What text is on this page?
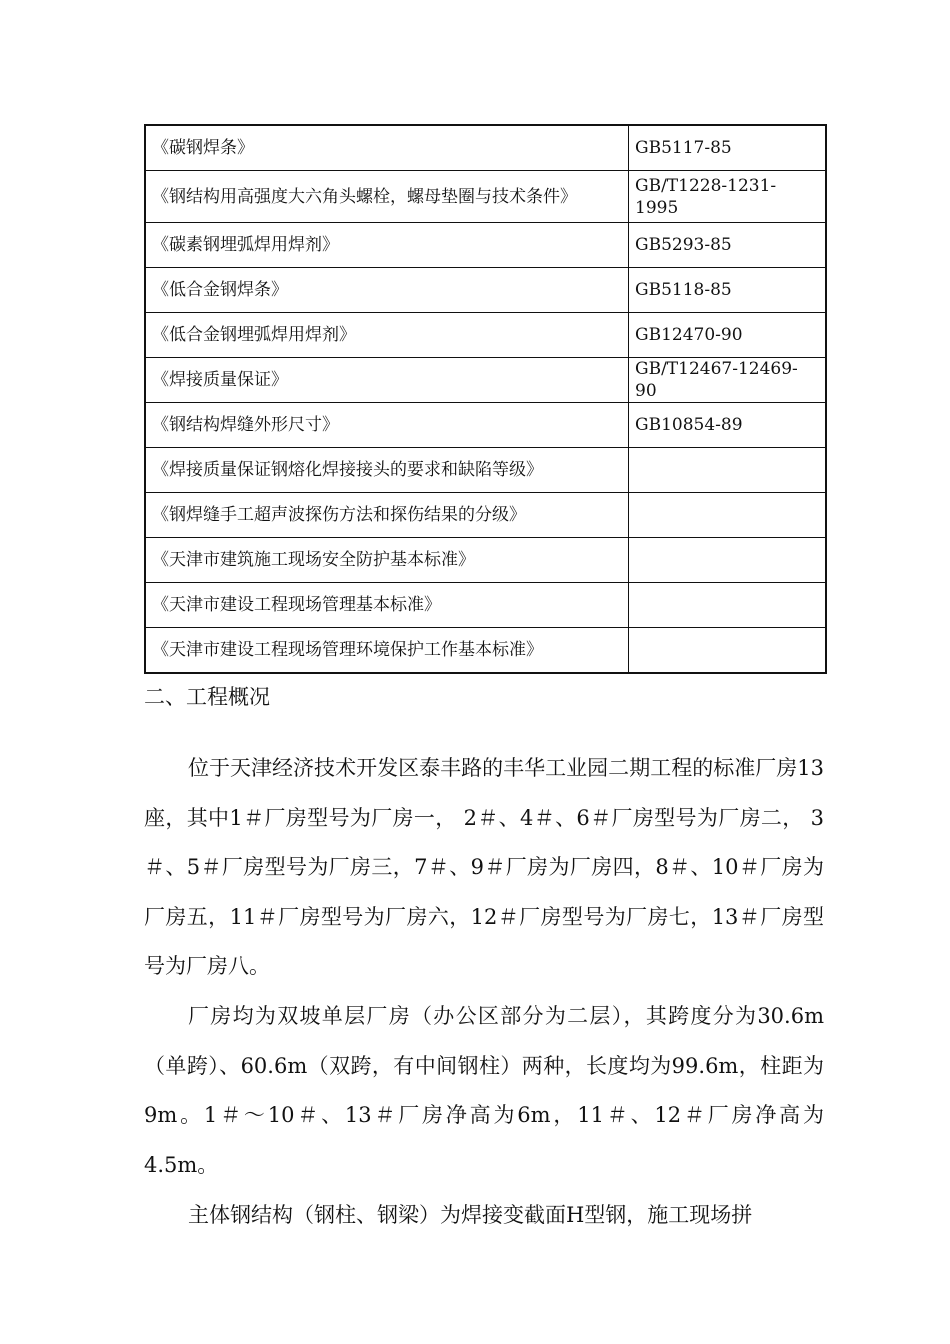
《碳钢焊条》	GB5117-85
《钢结构用高强度大六角头螺栓，螺母垫圈与技术条件》	GB/T1228-1231-1995
《碳素钢埋弧焊用焊剂》	GB5293-85
《低合金钢焊条》	GB5118-85
《低合金钢埋弧焊用焊剂》	GB12470-90
《焊接质量保证》	GB/T12467-12469-90
《钢结构焊缝外形尺寸》	GB10854-89
《焊接质量保证钢熔化焊接接头的要求和缺陷等级》	
《钢焊缝手工超声波探伤方法和探伤结果的分级》	
《天津市建筑施工现场安全防护基本标准》	
《天津市建设工程现场管理基本标准》	
《天津市建设工程现场管理环境保护工作基本标准》	
二、工程概况

位于天津经济技术开发区泰丰路的丰华工业园二期工程的标准厂房13座，其中1＃厂房型号为厂房一， 2＃、4＃、6＃厂房型号为厂房二， 3＃、5＃厂房型号为厂房三，7＃、9＃厂房为厂房四，8＃、10＃厂房为厂房五，11＃厂房型号为厂房六，12＃厂房型号为厂房七，13＃厂房型号为厂房八。

厂房均为双坡单层厂房（办公区部分为二层），其跨度分为30.6m（单跨）、60.6m（双跨，有中间钢柱）两种，长度均为99.6m，柱距为9m。1＃～10＃、13＃厂房净高为6m，11＃、12＃厂房净高为4.5m。

主体钢结构（钢柱、钢梁）为焊接变截面H型钢，施工现场拼
